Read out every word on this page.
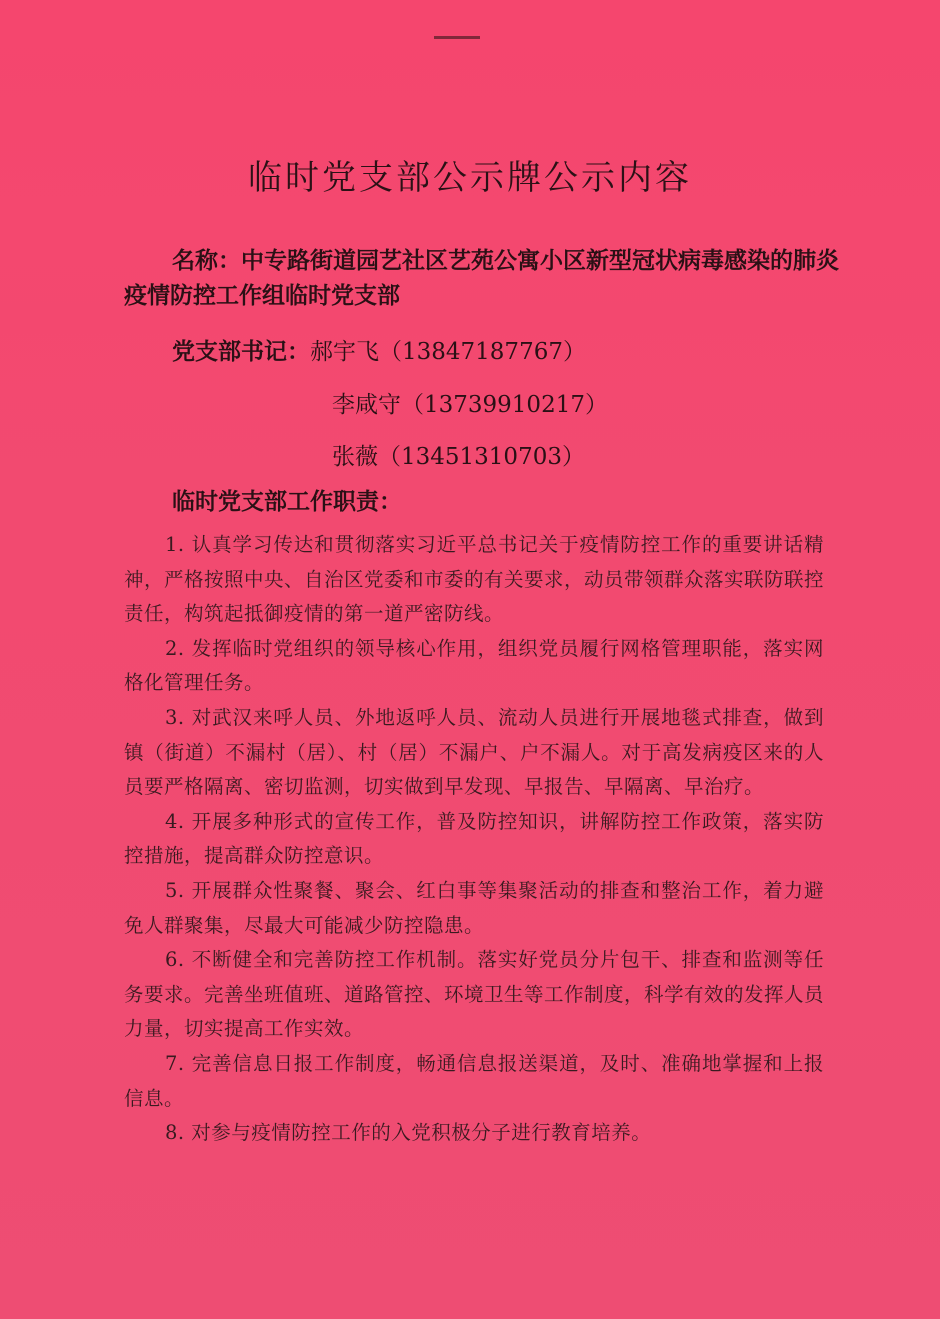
临时党支部公示牌公示内容
名称：中专路街道园艺社区艺苑公寓小区新型冠状病毒感染的肺炎疫情防控工作组临时党支部
党支部书记：郝宇飞（13847187767）
李咸守（13739910217）
张薇（13451310703）
临时党支部工作职责：

1. 认真学习传达和贯彻落实习近平总书记关于疫情防控工作的重要讲话精神，严格按照中央、自治区党委和市委的有关要求，动员带领群众落实联防联控责任，构筑起抵御疫情的第一道严密防线。

2. 发挥临时党组织的领导核心作用，组织党员履行网格管理职能，落实网格化管理任务。

3. 对武汉来呼人员、外地返呼人员、流动人员进行开展地毯式排查，做到镇（街道）不漏村（居）、村（居）不漏户、户不漏人。对于高发病疫区来的人员要严格隔离、密切监测，切实做到早发现、早报告、早隔离、早治疗。

4. 开展多种形式的宣传工作，普及防控知识，讲解防控工作政策，落实防控措施，提高群众防控意识。

5. 开展群众性聚餐、聚会、红白事等集聚活动的排查和整治工作，着力避免人群聚集，尽最大可能减少防控隐患。

6. 不断健全和完善防控工作机制。落实好党员分片包干、排查和监测等任务要求。完善坐班值班、道路管控、环境卫生等工作制度，科学有效的发挥人员力量，切实提高工作实效。

7. 完善信息日报工作制度，畅通信息报送渠道，及时、准确地掌握和上报信息。

8. 对参与疫情防控工作的入党积极分子进行教育培养。
